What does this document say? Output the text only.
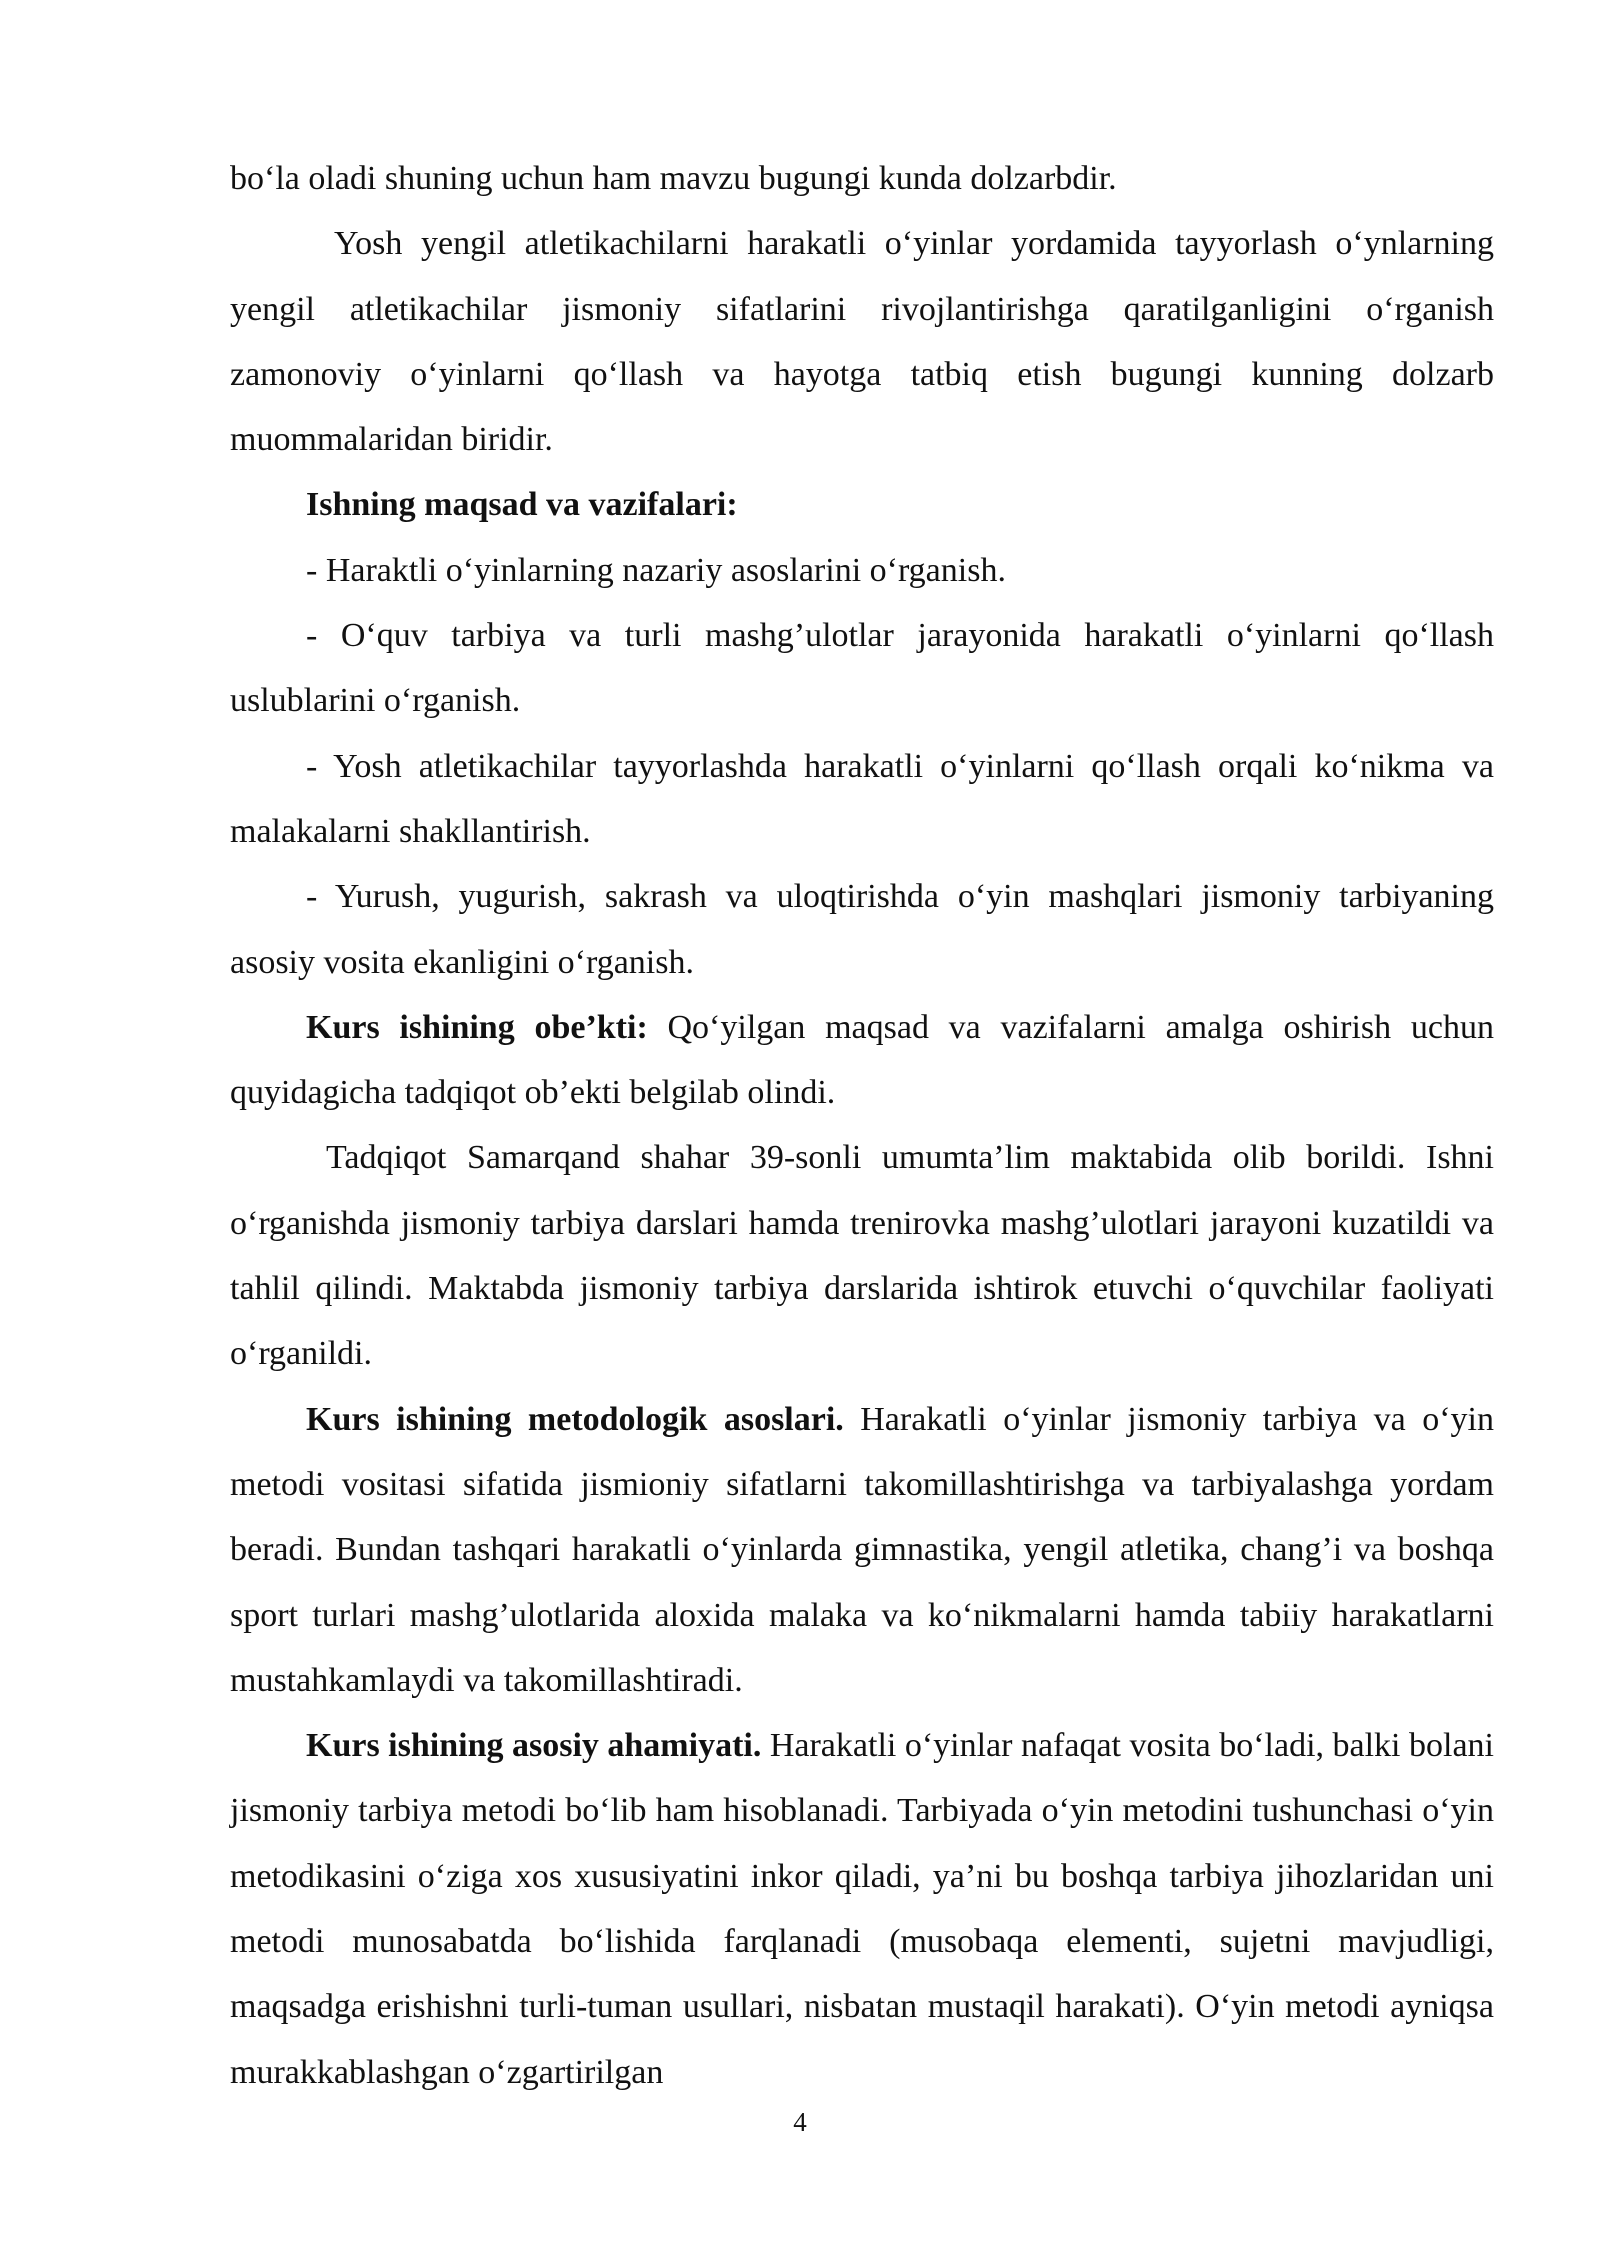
bo‘la oladi shuning uchun ham mavzu bugungi kunda dolzarbdir.

Yosh yengil atletikachilarni harakatli o‘yinlar yordamida tayyorlash o‘ynlarning yengil atletikachilar jismoniy sifatlarini rivojlantirishga qaratilganligini o‘rganish zamonoviy o‘yinlarni qo‘llash va hayotga tatbiq etish bugungi kunning dolzarb muommalaridan biridir.

Ishning maqsad va vazifalari:

- Haraktli o‘yinlarning nazariy asoslarini o‘rganish.

- O‘quv tarbiya va turli mashg’ulotlar jarayonida harakatli o‘yinlarni qo‘llash uslublarini o‘rganish.

- Yosh atletikachilar tayyorlashda harakatli o‘yinlarni qo‘llash orqali ko‘nikma va malakalarni shakllantirish.

- Yurush, yugurish, sakrash va uloqtirishda o‘yin mashqlari jismoniy tarbiyaning asosiy vosita ekanligini o‘rganish.

Kurs ishining obe’kti: Qo‘yilgan maqsad va vazifalarni amalga oshirish uchun quyidagicha tadqiqot ob’ekti belgilab olindi.

Tadqiqot Samarqand shahar 39-sonli umumta’lim maktabida olib borildi. Ishni o‘rganishda jismoniy tarbiya darslari hamda trenirovka mashg’ulotlari jarayoni kuzatildi va tahlil qilindi. Maktabda jismoniy tarbiya darslarida ishtirok etuvchi o‘quvchilar faoliyati o‘rganildi.

Kurs ishining metodologik asoslari. Harakatli o‘yinlar jismoniy tarbiya va o‘yin metodi vositasi sifatida jismioniy sifatlarni takomillashtirishga va tarbiyalashga yordam beradi. Bundan tashqari harakatli o‘yinlarda gimnastika, yengil atletika, chang’i va boshqa sport turlari mashg’ulotlarida aloxida malaka va ko‘nikmalarni hamda tabiiy harakatlarni mustahkamlaydi va takomillashtiradi.

Kurs ishining asosiy ahamiyati. Harakatli o‘yinlar nafaqat vosita bo‘ladi, balki bolani jismoniy tarbiya metodi bo‘lib ham hisoblanadi. Tarbiyada o‘yin metodini tushunchasi o‘yin metodikasini o‘ziga xos xususiyatini inkor qiladi, ya’ni bu boshqa tarbiya jihozlaridan uni metodi munosabatda bo‘lishida farqlanadi (musobaqa elementi, sujetni mavjudligi, maqsadga erishishni turli-tuman usullari, nisbatan mustaqil harakati). O‘yin metodi ayniqsa murakkablashgan o‘zgartirilgan

4
